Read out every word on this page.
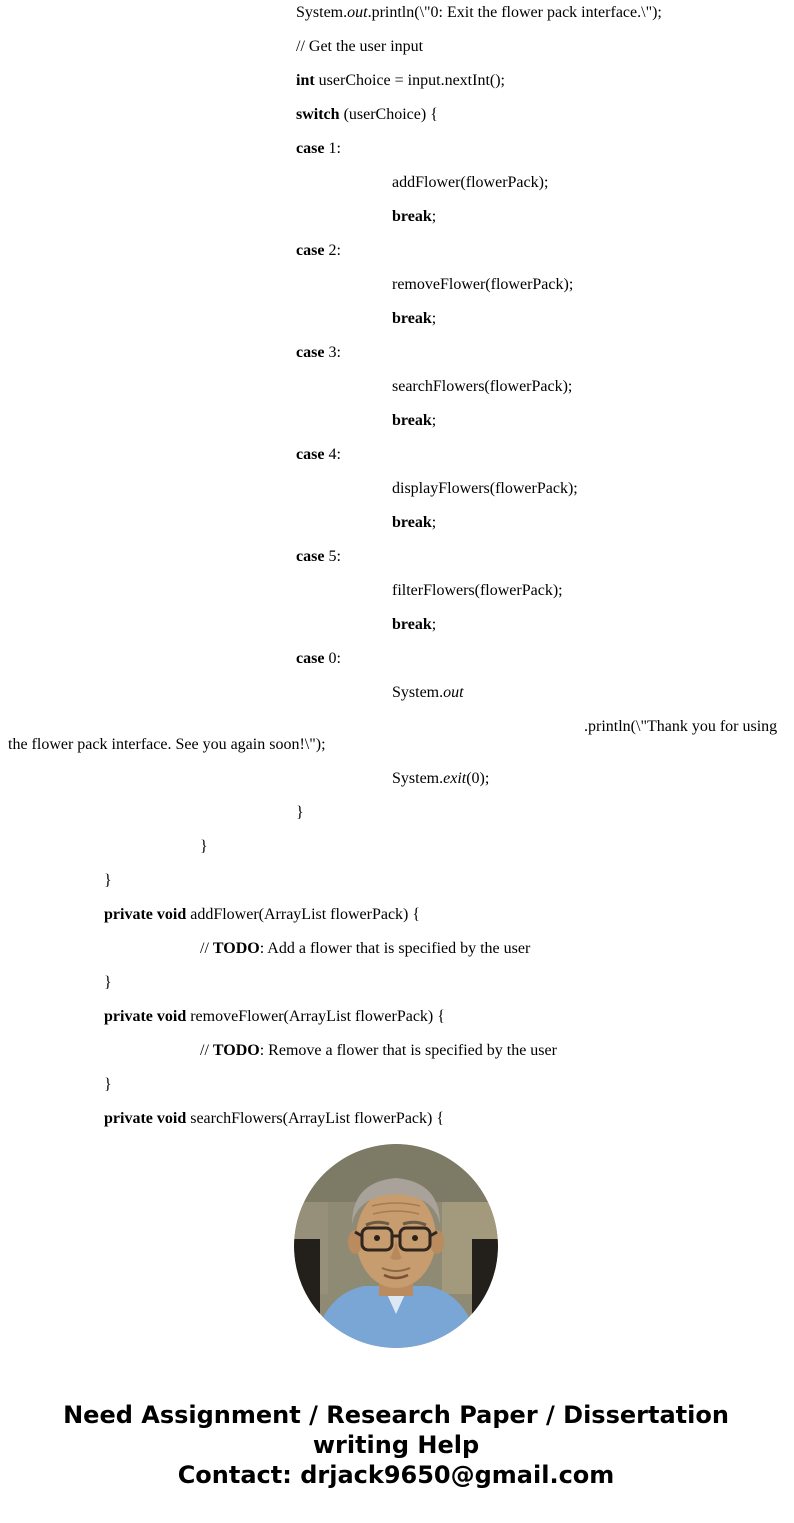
System.out.println(\"0: Exit the flower pack interface.\");

// Get the user input

int userChoice = input.nextInt();

switch (userChoice) {

case 1:

addFlower(flowerPack);

break;

case 2:

removeFlower(flowerPack);

break;

case 3:

searchFlowers(flowerPack);

break;

case 4:

displayFlowers(flowerPack);

break;

case 5:

filterFlowers(flowerPack);

break;

case 0:

System.out

.println(\"Thank you for using the flower pack interface. See you again soon!\");

System.exit(0);

}

}

}

private void addFlower(ArrayList flowerPack) {

// TODO: Add a flower that is specified by the user

}

private void removeFlower(ArrayList flowerPack) {

// TODO: Remove a flower that is specified by the user

}

private void searchFlowers(ArrayList flowerPack) {

Need Assignment / Research Paper / Dissertation
writing Help
Contact: drjack9650@gmail.com
